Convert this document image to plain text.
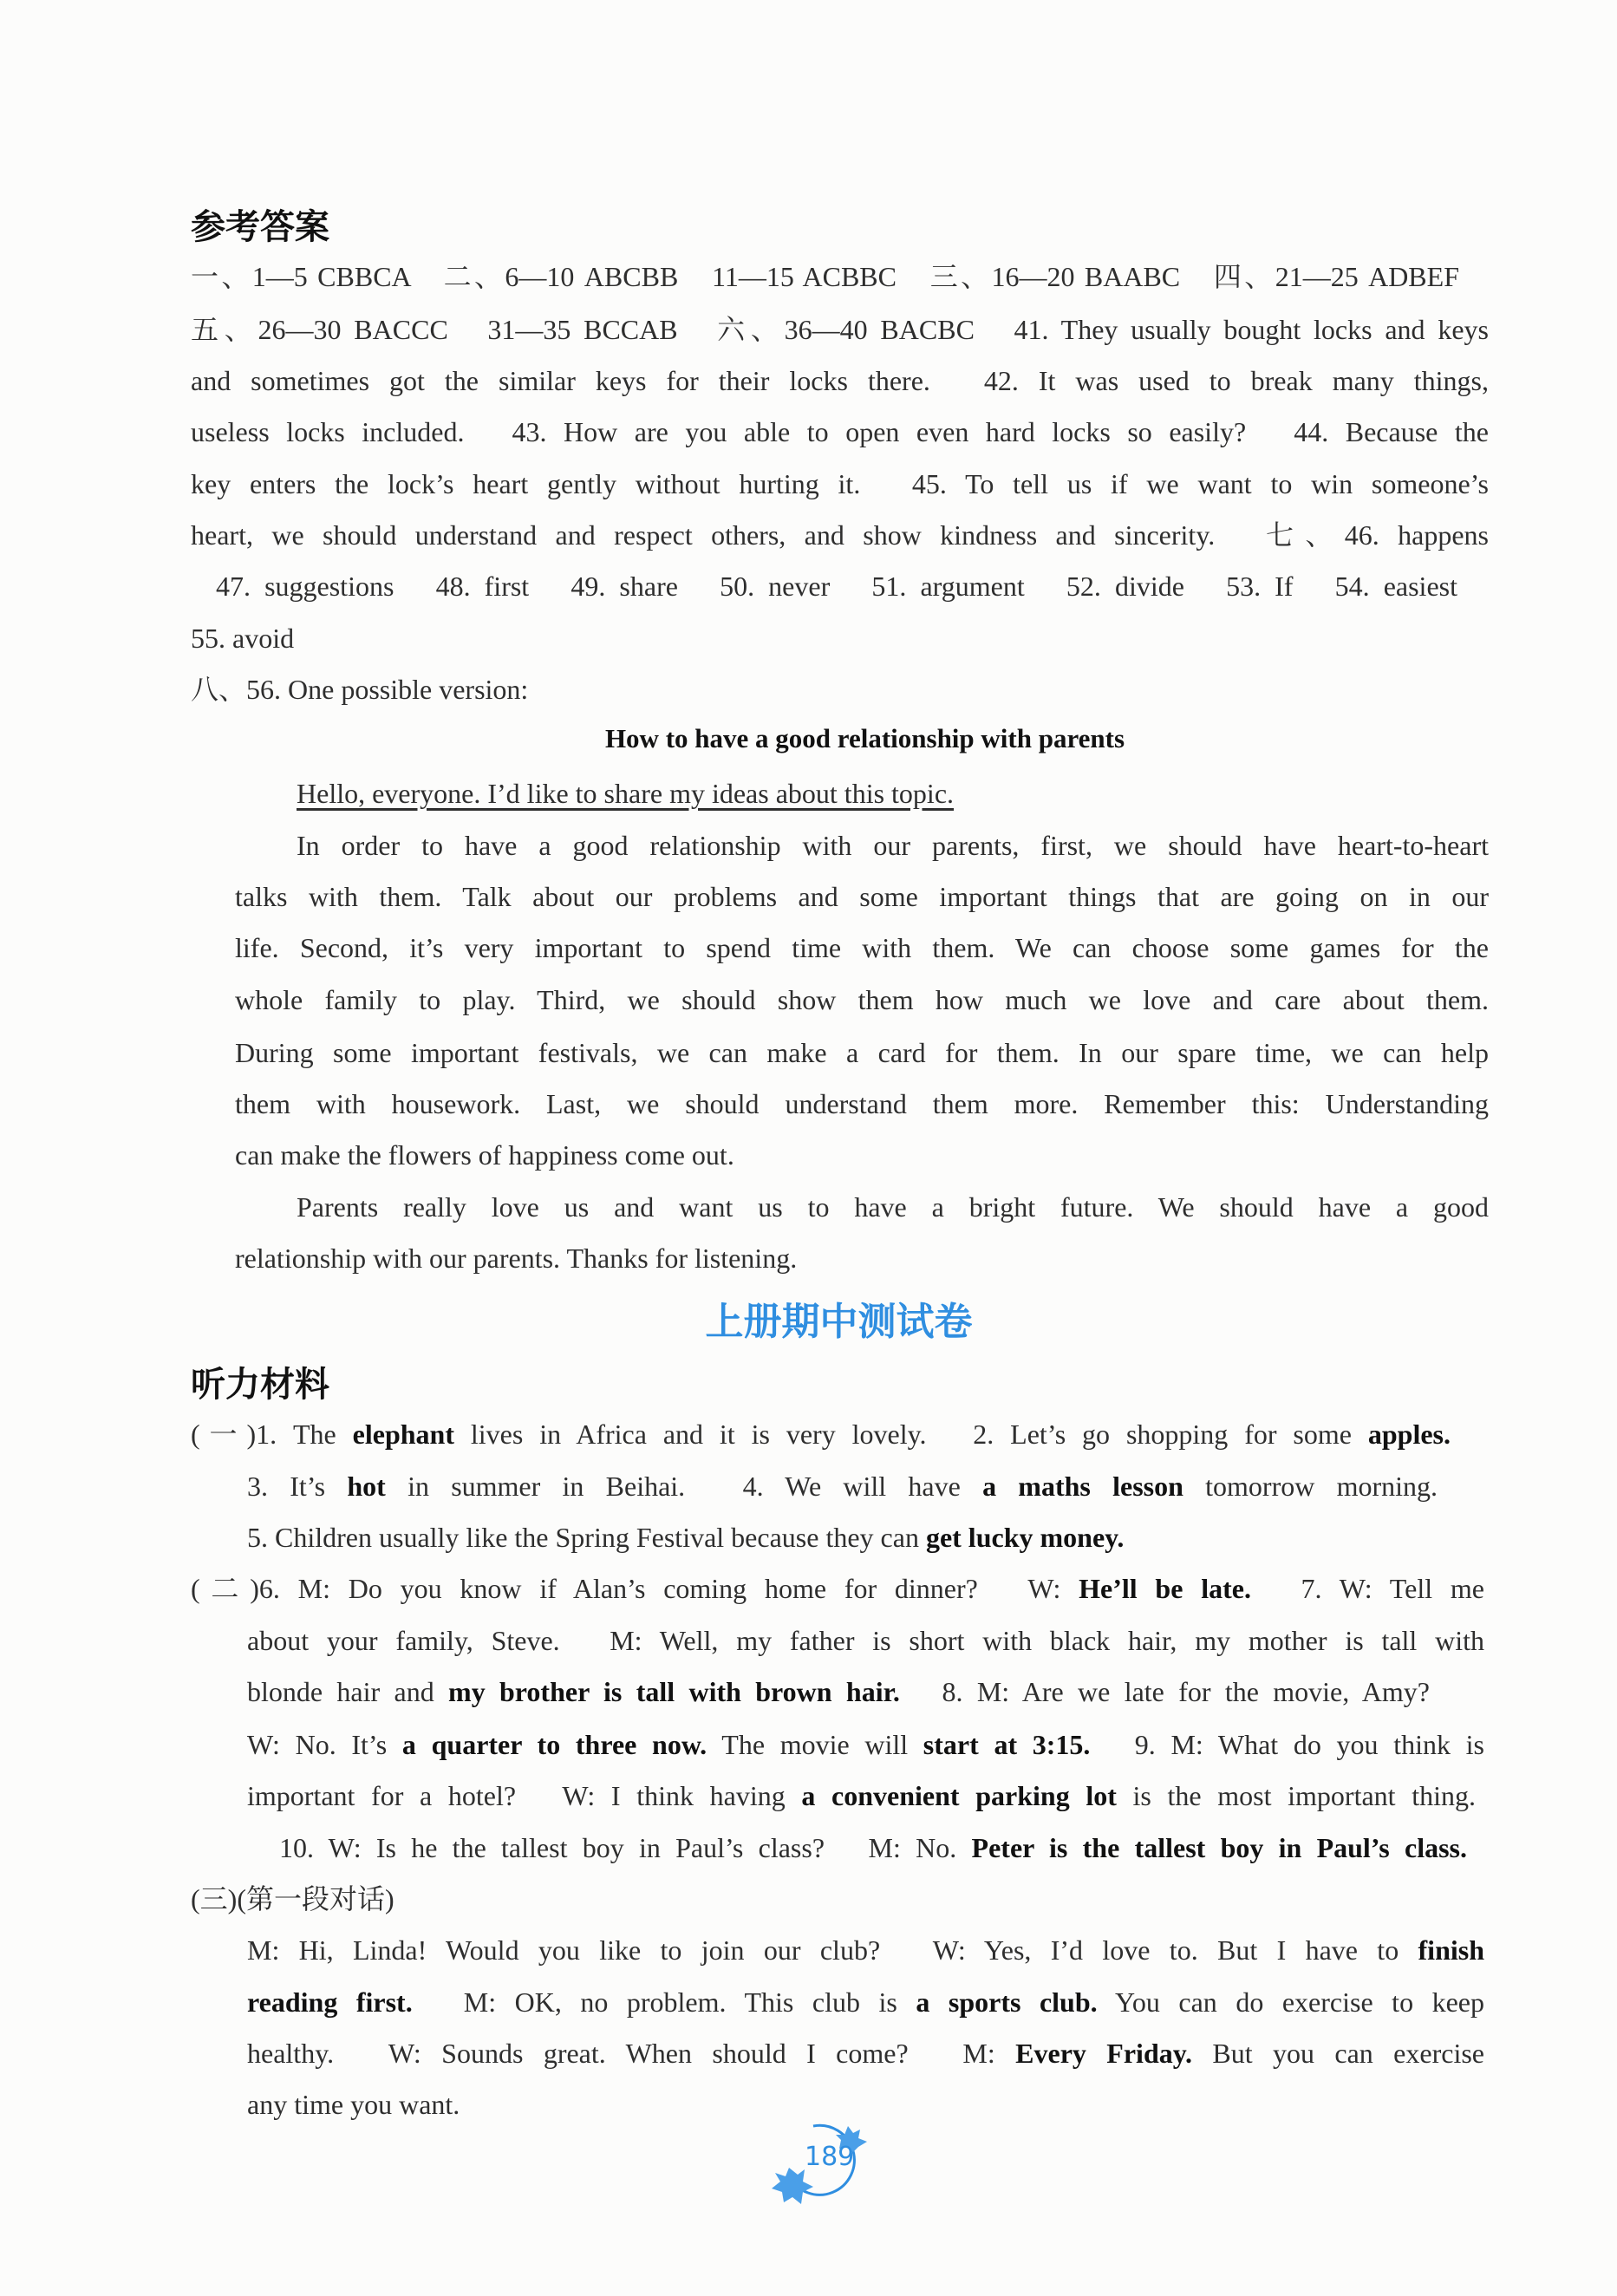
参考答案
一、1—5 CBBCA　二、6—10 ABCBB　11—15 ACBBC　三、16—20 BAABC　四、21—25 ADBEF
五、26—30 BACCC　31—35 BCCAB　六、36—40 BACBC　41. They usually bought locks and keys
and sometimes got the similar keys for their locks there.　42. It was used to break many things,
useless locks included.　43. How are you able to open even hard locks so easily?　44. Because the
key enters the lock’s heart gently without hurting it.　45. To tell us if we want to win someone’s
heart, we should understand and respect others, and show kindness and sincerity.　七、46. happens
47. suggestions　48. first　49. share　50. never　51. argument　52. divide　53. If　54. easiest
55. avoid
八、56. One possible version:
How to have a good relationship with parents
Hello, everyone. I’d like to share my ideas about this topic.
In order to have a good relationship with our parents, first, we should have heart-to-heart
talks with them. Talk about our problems and some important things that are going on in our
life. Second, it’s very important to spend time with them. We can choose some games for the
whole family to play. Third, we should show them how much we love and care about them.
During some important festivals, we can make a card for them. In our spare time, we can help
them with housework. Last, we should understand them more. Remember this: Understanding
can make the flowers of happiness come out.
Parents really love us and want us to have a bright future. We should have a good
relationship with our parents. Thanks for listening.
上册期中测试卷
听力材料
(一)1. The elephant lives in Africa and it is very lovely.　2. Let’s go shopping for some apples.
3. It’s hot in summer in Beihai.　4. We will have a maths lesson tomorrow morning.
5. Children usually like the Spring Festival because they can get lucky money.
(二)6. M: Do you know if Alan’s coming home for dinner?　W: He’ll be late.　7. W: Tell me
about your family, Steve.　M: Well, my father is short with black hair, my mother is tall with
blonde hair and my brother is tall with brown hair.　8. M: Are we late for the movie, Amy?
W: No. It’s a quarter to three now. The movie will start at 3:15.　9. M: What do you think is
important for a hotel?　W: I think having a convenient parking lot is the most important thing.
10. W: Is he the tallest boy in Paul’s class?　M: No. Peter is the tallest boy in Paul’s class.
(三)(第一段对话)
M: Hi, Linda! Would you like to join our club?　W: Yes, I’d love to. But I have to finish
reading first.　M: OK, no problem. This club is a sports club. You can do exercise to keep
healthy.　W: Sounds great. When should I come?　M: Every Friday. But you can exercise
any time you want.
189
